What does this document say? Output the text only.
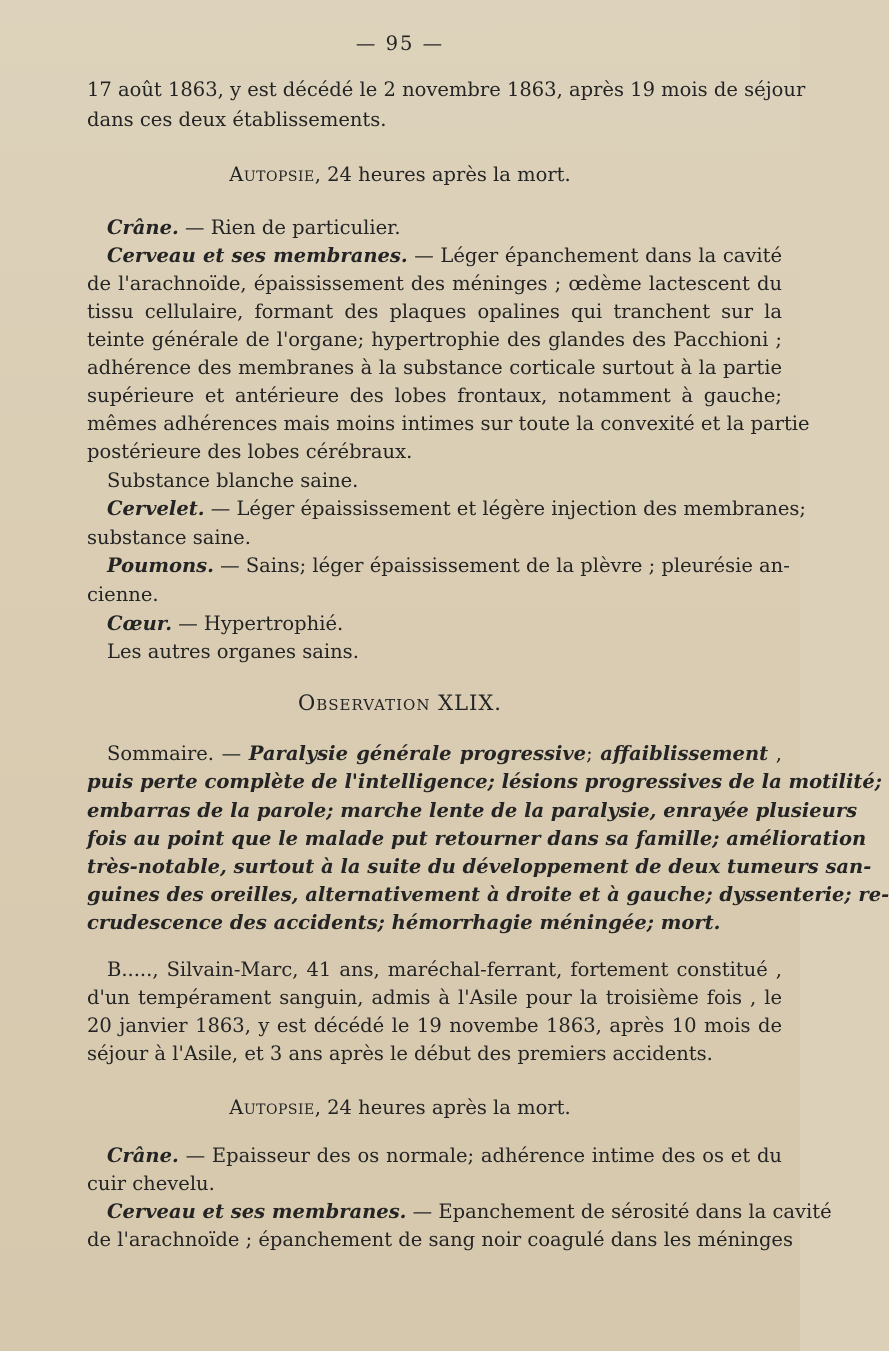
— 95 —
17 août 1863, y est décédé le 2 novembre 1863, après 19 mois de séjour
dans ces deux établissements.
Autopsie, 24 heures après la mort.
Crâne. — Rien de particulier.
Cerveau et ses membranes. — Léger épanchement dans la cavité
de l'arachnoïde, épaississement des méninges ; œdème lactescent du
tissu cellulaire, formant des plaques opalines qui tranchent sur la
teinte générale de l'organe; hypertrophie des glandes des Pacchioni ;
adhérence des membranes à la substance corticale surtout à la partie
supérieure et antérieure des lobes frontaux, notamment à gauche;
mêmes adhérences mais moins intimes sur toute la convexité et la partie
postérieure des lobes cérébraux.
Substance blanche saine.
Cervelet. — Léger épaississement et légère injection des membranes;
substance saine.
Poumons. — Sains; léger épaississement de la plèvre ; pleurésie an-
cienne.
Cœur. — Hypertrophié.
Les autres organes sains.
Observation XLIX.
Sommaire. — Paralysie générale progressive; affaiblissement ,
puis perte complète de l'intelligence; lésions progressives de la motilité;
embarras de la parole; marche lente de la paralysie, enrayée plusieurs
fois au point que le malade put retourner dans sa famille; amélioration
très-notable, surtout à la suite du développement de deux tumeurs san-
guines des oreilles, alternativement à droite et à gauche; dyssenterie; re-
crudescence des accidents; hémorrhagie méningée; mort.
B....., Silvain-Marc, 41 ans, maréchal-ferrant, fortement constitué ,
d'un tempérament sanguin, admis à l'Asile pour la troisième fois , le
20 janvier 1863, y est décédé le 19 novembe 1863, après 10 mois de
séjour à l'Asile, et 3 ans après le début des premiers accidents.
Autopsie, 24 heures après la mort.
Crâne. — Epaisseur des os normale; adhérence intime des os et du
cuir chevelu.
Cerveau et ses membranes. — Epanchement de sérosité dans la cavité
de l'arachnoïde ; épanchement de sang noir coagulé dans les méninges
